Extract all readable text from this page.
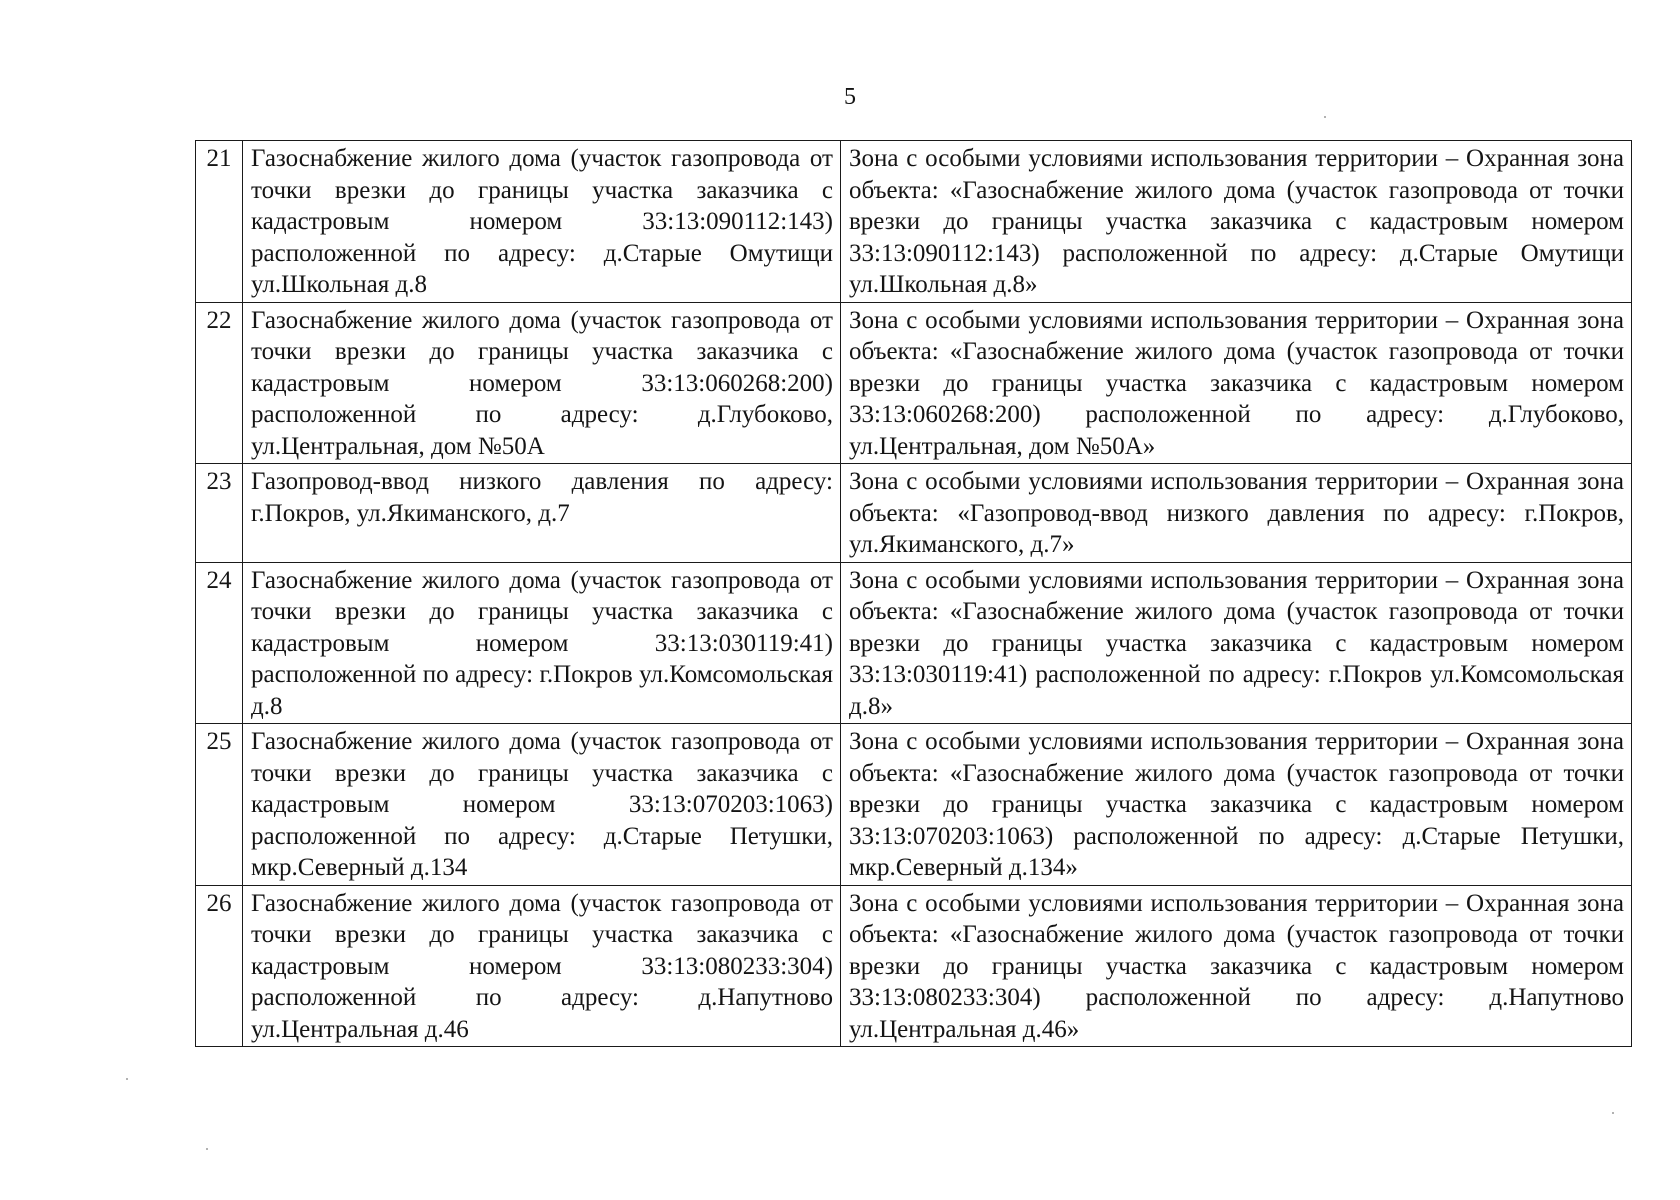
5
21	Газоснабжение жилого дома (участок газопровода от точки врезки до границы участка заказчика с кадастровым номером 33:13:090112:143) расположенной по адресу: д.Старые Омутищи ул.Школьная д.8	Зона с особыми условиями использования территории – Охранная зона объекта: «Газоснабжение жилого дома (участок газопровода от точки врезки до границы участка заказчика с кадастровым номером 33:13:090112:143) расположенной по адресу: д.Старые Омутищи ул.Школьная д.8»
22	Газоснабжение жилого дома (участок газопровода от точки врезки до границы участка заказчика с кадастровым номером 33:13:060268:200) расположенной по адресу: д.Глубоково, ул.Центральная, дом №50А	Зона с особыми условиями использования территории – Охранная зона объекта: «Газоснабжение жилого дома (участок газопровода от точки врезки до границы участка заказчика с кадастровым номером 33:13:060268:200) расположенной по адресу: д.Глубоково, ул.Центральная, дом №50А»
23	Газопровод-ввод низкого давления по адресу: г.Покров, ул.Якиманского, д.7	Зона с особыми условиями использования территории – Охранная зона объекта: «Газопровод-ввод низкого давления по адресу: г.Покров, ул.Якиманского, д.7»
24	Газоснабжение жилого дома (участок газопровода от точки врезки до границы участка заказчика с кадастровым номером 33:13:030119:41) расположенной по адресу: г.Покров ул.Комсомольская д.8	Зона с особыми условиями использования территории – Охранная зона объекта: «Газоснабжение жилого дома (участок газопровода от точки врезки до границы участка заказчика с кадастровым номером 33:13:030119:41) расположенной по адресу: г.Покров ул.Комсомольская д.8»
25	Газоснабжение жилого дома (участок газопровода от точки врезки до границы участка заказчика с кадастровым номером 33:13:070203:1063) расположенной по адресу: д.Старые Петушки, мкр.Северный д.134	Зона с особыми условиями использования территории – Охранная зона объекта: «Газоснабжение жилого дома (участок газопровода от точки врезки до границы участка заказчика с кадастровым номером 33:13:070203:1063) расположенной по адресу: д.Старые Петушки, мкр.Северный д.134»
26	Газоснабжение жилого дома (участок газопровода от точки врезки до границы участка заказчика с кадастровым номером 33:13:080233:304) расположенной по адресу: д.Напутново ул.Центральная д.46	Зона с особыми условиями использования территории – Охранная зона объекта: «Газоснабжение жилого дома (участок газопровода от точки врезки до границы участка заказчика с кадастровым номером 33:13:080233:304) расположенной по адресу: д.Напутново ул.Центральная д.46»
